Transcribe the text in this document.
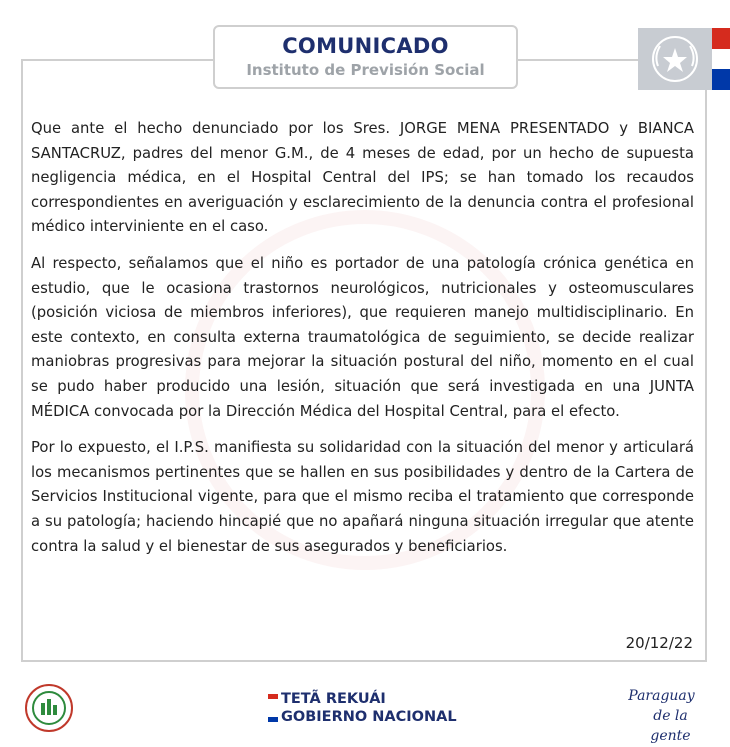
COMUNICADO
Instituto de Previsión Social

Que ante el hecho denunciado por los Sres. JORGE MENA PRESENTADO y BIANCA SANTACRUZ, padres del menor G.M., de 4 meses de edad, por un hecho de supuesta negligencia médica, en el Hospital Central del IPS; se han tomado los recaudos correspondientes en averiguación y esclarecimiento de la denuncia contra el profesional médico interviniente en el caso.

Al respecto, señalamos que el niño es portador de una patología crónica genética en estudio, que le ocasiona trastornos neurológicos, nutricionales y osteomusculares (posición viciosa de miembros inferiores), que requieren manejo multidisciplinario. En este contexto, en consulta externa traumatológica de seguimiento, se decide realizar maniobras progresivas para mejorar la situación postural del niño, momento en el cual se pudo haber producido una lesión, situación que será investigada en una JUNTA MÉDICA convocada por la Dirección Médica del Hospital Central, para el efecto.

Por lo expuesto, el I.P.S. manifiesta su solidaridad con la situación del menor y articulará los mecanismos pertinentes que se hallen en sus posibilidades y dentro de la Cartera de Servicios Institucional vigente, para que el mismo reciba el tratamiento que corresponde a su patología; haciendo hincapié que no apañará ninguna situación irregular que atente contra la salud y el bienestar de sus asegurados y beneficiarios.

20/12/22
TETÃ REKUÁI
GOBIERNO NACIONAL
Paraguay
de la gente
